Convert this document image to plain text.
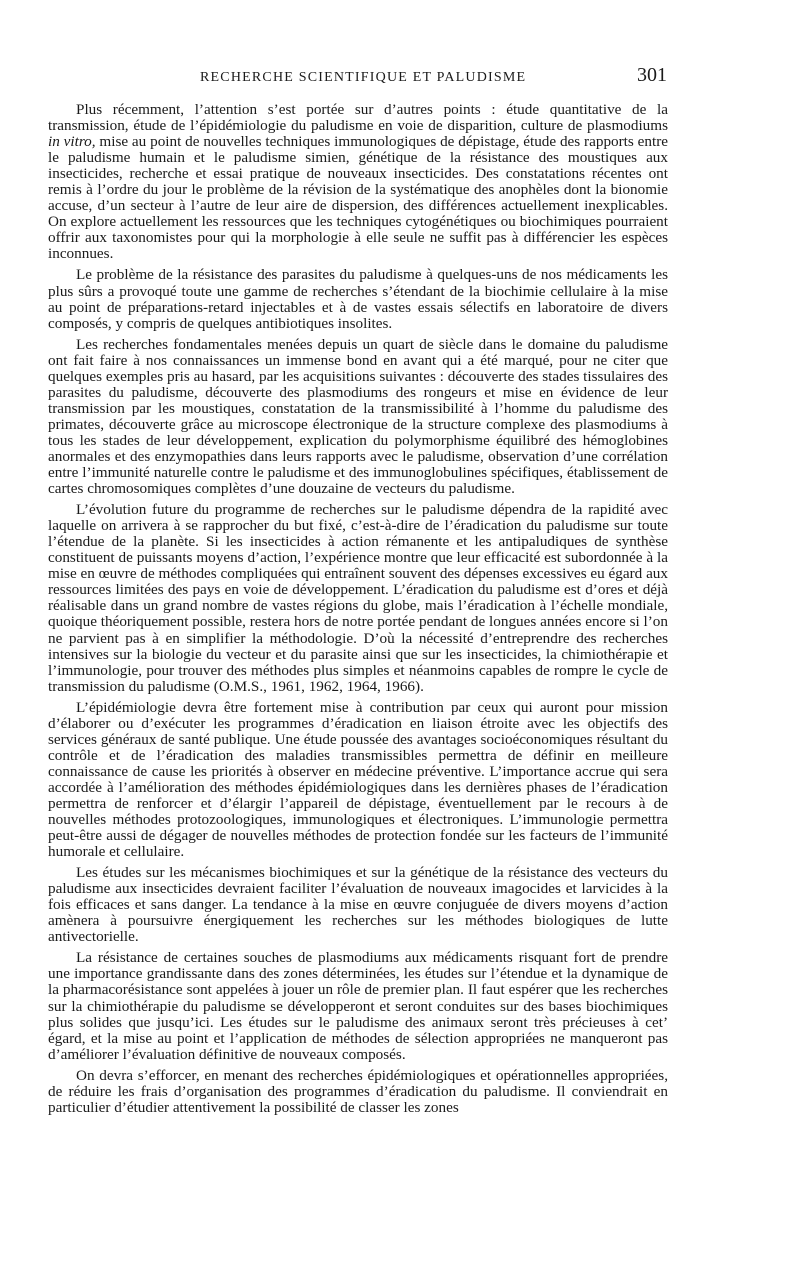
RECHERCHE SCIENTIFIQUE ET PALUDISME	301

Plus récemment, l’attention s’est portée sur d’autres points : étude quantitative de la transmission, étude de l’épidémiologie du paludisme en voie de disparition, culture de plasmodiums in vitro, mise au point de nouvelles techniques immunologiques de dépistage, étude des rapports entre le paludisme humain et le paludisme simien, génétique de la résistance des moustiques aux insecticides, recherche et essai pratique de nouveaux insecticides. Des constatations récentes ont remis à l’ordre du jour le problème de la révision de la systématique des anophèles dont la bionomie accuse, d’un secteur à l’autre de leur aire de dispersion, des différences actuellement inexplicables. On explore actuellement les ressources que les techniques cytogénétiques ou biochimiques pourraient offrir aux taxonomistes pour qui la morphologie à elle seule ne suffit pas à différencier les espèces inconnues.

Le problème de la résistance des parasites du paludisme à quelques-uns de nos médicaments les plus sûrs a provoqué toute une gamme de recherches s’étendant de la biochimie cellulaire à la mise au point de préparations-retard injectables et à de vastes essais sélectifs en laboratoire de divers composés, y compris de quelques antibiotiques insolites.

Les recherches fondamentales menées depuis un quart de siècle dans le domaine du paludisme ont fait faire à nos connaissances un immense bond en avant qui a été marqué, pour ne citer que quelques exemples pris au hasard, par les acquisitions suivantes : découverte des stades tissulaires des parasites du paludisme, découverte des plasmodiums des rongeurs et mise en évidence de leur transmission par les moustiques, constatation de la transmissibilité à l’homme du paludisme des primates, découverte grâce au microscope électronique de la structure complexe des plasmodiums à tous les stades de leur développement, explication du polymorphisme équilibré des hémoglobines anormales et des enzymopathies dans leurs rapports avec le paludisme, observation d’une corrélation entre l’immunité naturelle contre le paludisme et des immunoglobulines spécifiques, établissement de cartes chromosomiques complètes d’une douzaine de vecteurs du paludisme.

L’évolution future du programme de recherches sur le paludisme dépendra de la rapidité avec laquelle on arrivera à se rapprocher du but fixé, c’est-à-dire de l’éradication du paludisme sur toute l’étendue de la planète. Si les insecticides à action rémanente et les antipaludiques de synthèse constituent de puissants moyens d’action, l’expérience montre que leur efficacité est subordonnée à la mise en œuvre de méthodes compliquées qui entraînent souvent des dépenses excessives eu égard aux ressources limitées des pays en voie de développement. L’éradication du paludisme est d’ores et déjà réalisable dans un grand nombre de vastes régions du globe, mais l’éradication à l’échelle mondiale, quoique théoriquement possible, restera hors de notre portée pendant de longues années encore si l’on ne parvient pas à en simplifier la méthodologie. D’où la nécessité d’entreprendre des recherches intensives sur la biologie du vecteur et du parasite ainsi que sur les insecticides, la chimiothérapie et l’immunologie, pour trouver des méthodes plus simples et néanmoins capables de rompre le cycle de transmission du paludisme (O.M.S., 1961, 1962, 1964, 1966).

L’épidémiologie devra être fortement mise à contribution par ceux qui auront pour mission d’élaborer ou d’exécuter les programmes d’éradication en liaison étroite avec les objectifs des services généraux de santé publique. Une étude poussée des avantages socioéconomiques résultant du contrôle et de l’éradication des maladies transmissibles permettra de définir en meilleure connaissance de cause les priorités à observer en médecine préventive. L’importance accrue qui sera accordée à l’amélioration des méthodes épidémiologiques dans les dernières phases de l’éradication permettra de renforcer et d’élargir l’appareil de dépistage, éventuellement par le recours à de nouvelles méthodes protozoologiques, immunologiques et électroniques. L’immunologie permettra peut-être aussi de dégager de nouvelles méthodes de protection fondée sur les facteurs de l’immunité humorale et cellulaire.

Les études sur les mécanismes biochimiques et sur la génétique de la résistance des vecteurs du paludisme aux insecticides devraient faciliter l’évaluation de nouveaux imagocides et larvicides à la fois efficaces et sans danger. La tendance à la mise en œuvre conjuguée de divers moyens d’action amènera à poursuivre énergiquement les recherches sur les méthodes biologiques de lutte antivectorielle.

La résistance de certaines souches de plasmodiums aux médicaments risquant fort de prendre une importance grandissante dans des zones déterminées, les études sur l’étendue et la dynamique de la pharmacorésistance sont appelées à jouer un rôle de premier plan. Il faut espérer que les recherches sur la chimiothérapie du paludisme se développeront et seront conduites sur des bases biochimiques plus solides que jusqu’ici. Les études sur le paludisme des animaux seront très précieuses à cet’ égard, et la mise au point et l’application de méthodes de sélection appropriées ne manqueront pas d’améliorer l’évaluation définitive de nouveaux composés.

On devra s’efforcer, en menant des recherches épidémiologiques et opérationnelles appropriées, de réduire les frais d’organisation des programmes d’éradication du paludisme. Il conviendrait en particulier d’étudier attentivement la possibilité de classer les zones
